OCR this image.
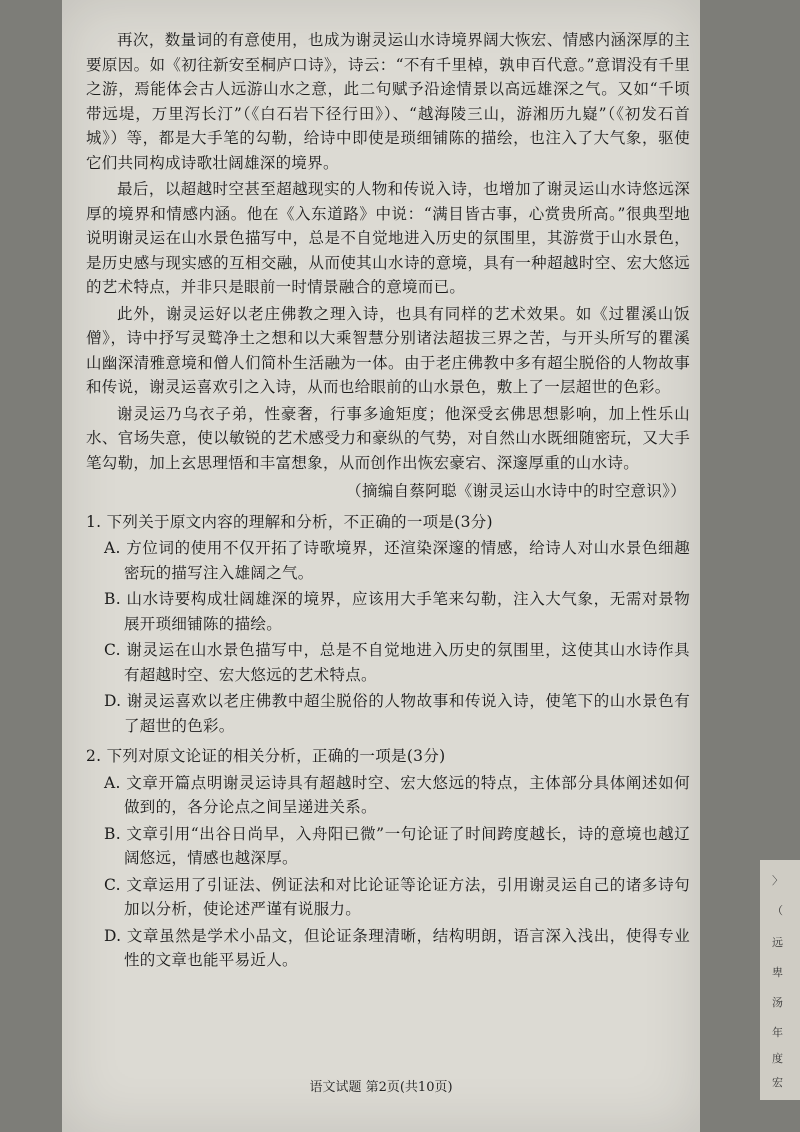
〉
（
远
卑
汤
年
度
宏

再次，数量词的有意使用，也成为谢灵运山水诗境界阔大恢宏、情感内涵深厚的主要原因。如《初往新安至桐庐口诗》，诗云：“不有千里棹，孰申百代意。”意谓没有千里之游，焉能体会古人远游山水之意，此二句赋予沿途情景以高远雄深之气。又如“千顷带远堤，万里泻长汀”（《白石岩下径行田》）、“越海陵三山，游湘历九嶷”（《初发石首城》）等，都是大手笔的勾勒，给诗中即使是琐细铺陈的描绘，也注入了大气象，驱使它们共同构成诗歌壮阔雄深的境界。

最后，以超越时空甚至超越现实的人物和传说入诗，也增加了谢灵运山水诗悠远深厚的境界和情感内涵。他在《入东道路》中说：“满目皆古事，心赏贵所高。”很典型地说明谢灵运在山水景色描写中，总是不自觉地进入历史的氛围里，其游赏于山水景色，是历史感与现实感的互相交融，从而使其山水诗的意境，具有一种超越时空、宏大悠远的艺术特点，并非只是眼前一时情景融合的意境而已。

此外，谢灵运好以老庄佛教之理入诗，也具有同样的艺术效果。如《过瞿溪山饭僧》，诗中抒写灵鹫净土之想和以大乘智慧分别诸法超拔三界之苦，与开头所写的瞿溪山幽深清雅意境和僧人们简朴生活融为一体。由于老庄佛教中多有超尘脱俗的人物故事和传说，谢灵运喜欢引之入诗，从而也给眼前的山水景色，敷上了一层超世的色彩。

谢灵运乃乌衣子弟，性豪奢，行事多逾矩度；他深受玄佛思想影响，加上性乐山水、官场失意，使以敏锐的艺术感受力和豪纵的气势，对自然山水既细随密玩，又大手笔勾勒，加上玄思理悟和丰富想象，从而创作出恢宏豪宕、深邃厚重的山水诗。

（摘编自蔡阿聪《谢灵运山水诗中的时空意识》）

1. 下列关于原文内容的理解和分析，不正确的一项是(3分)
A. 方位词的使用不仅开拓了诗歌境界，还渲染深邃的情感，给诗人对山水景色细趣密玩的描写注入雄阔之气。
B. 山水诗要构成壮阔雄深的境界，应该用大手笔来勾勒，注入大气象，无需对景物展开琐细铺陈的描绘。
C. 谢灵运在山水景色描写中，总是不自觉地进入历史的氛围里，这使其山水诗作具有超越时空、宏大悠远的艺术特点。
D. 谢灵运喜欢以老庄佛教中超尘脱俗的人物故事和传说入诗，使笔下的山水景色有了超世的色彩。
2. 下列对原文论证的相关分析，正确的一项是(3分)
A. 文章开篇点明谢灵运诗具有超越时空、宏大悠远的特点，主体部分具体阐述如何做到的，各分论点之间呈递进关系。
B. 文章引用“出谷日尚早，入舟阳已微”一句论证了时间跨度越长，诗的意境也越辽阔悠远，情感也越深厚。
C. 文章运用了引证法、例证法和对比论证等论证方法，引用谢灵运自己的诸多诗句加以分析，使论述严谨有说服力。
D. 文章虽然是学术小品文，但论证条理清晰，结构明朗，语言深入浅出，使得专业性的文章也能平易近人。
语文试题 第2页(共10页)
